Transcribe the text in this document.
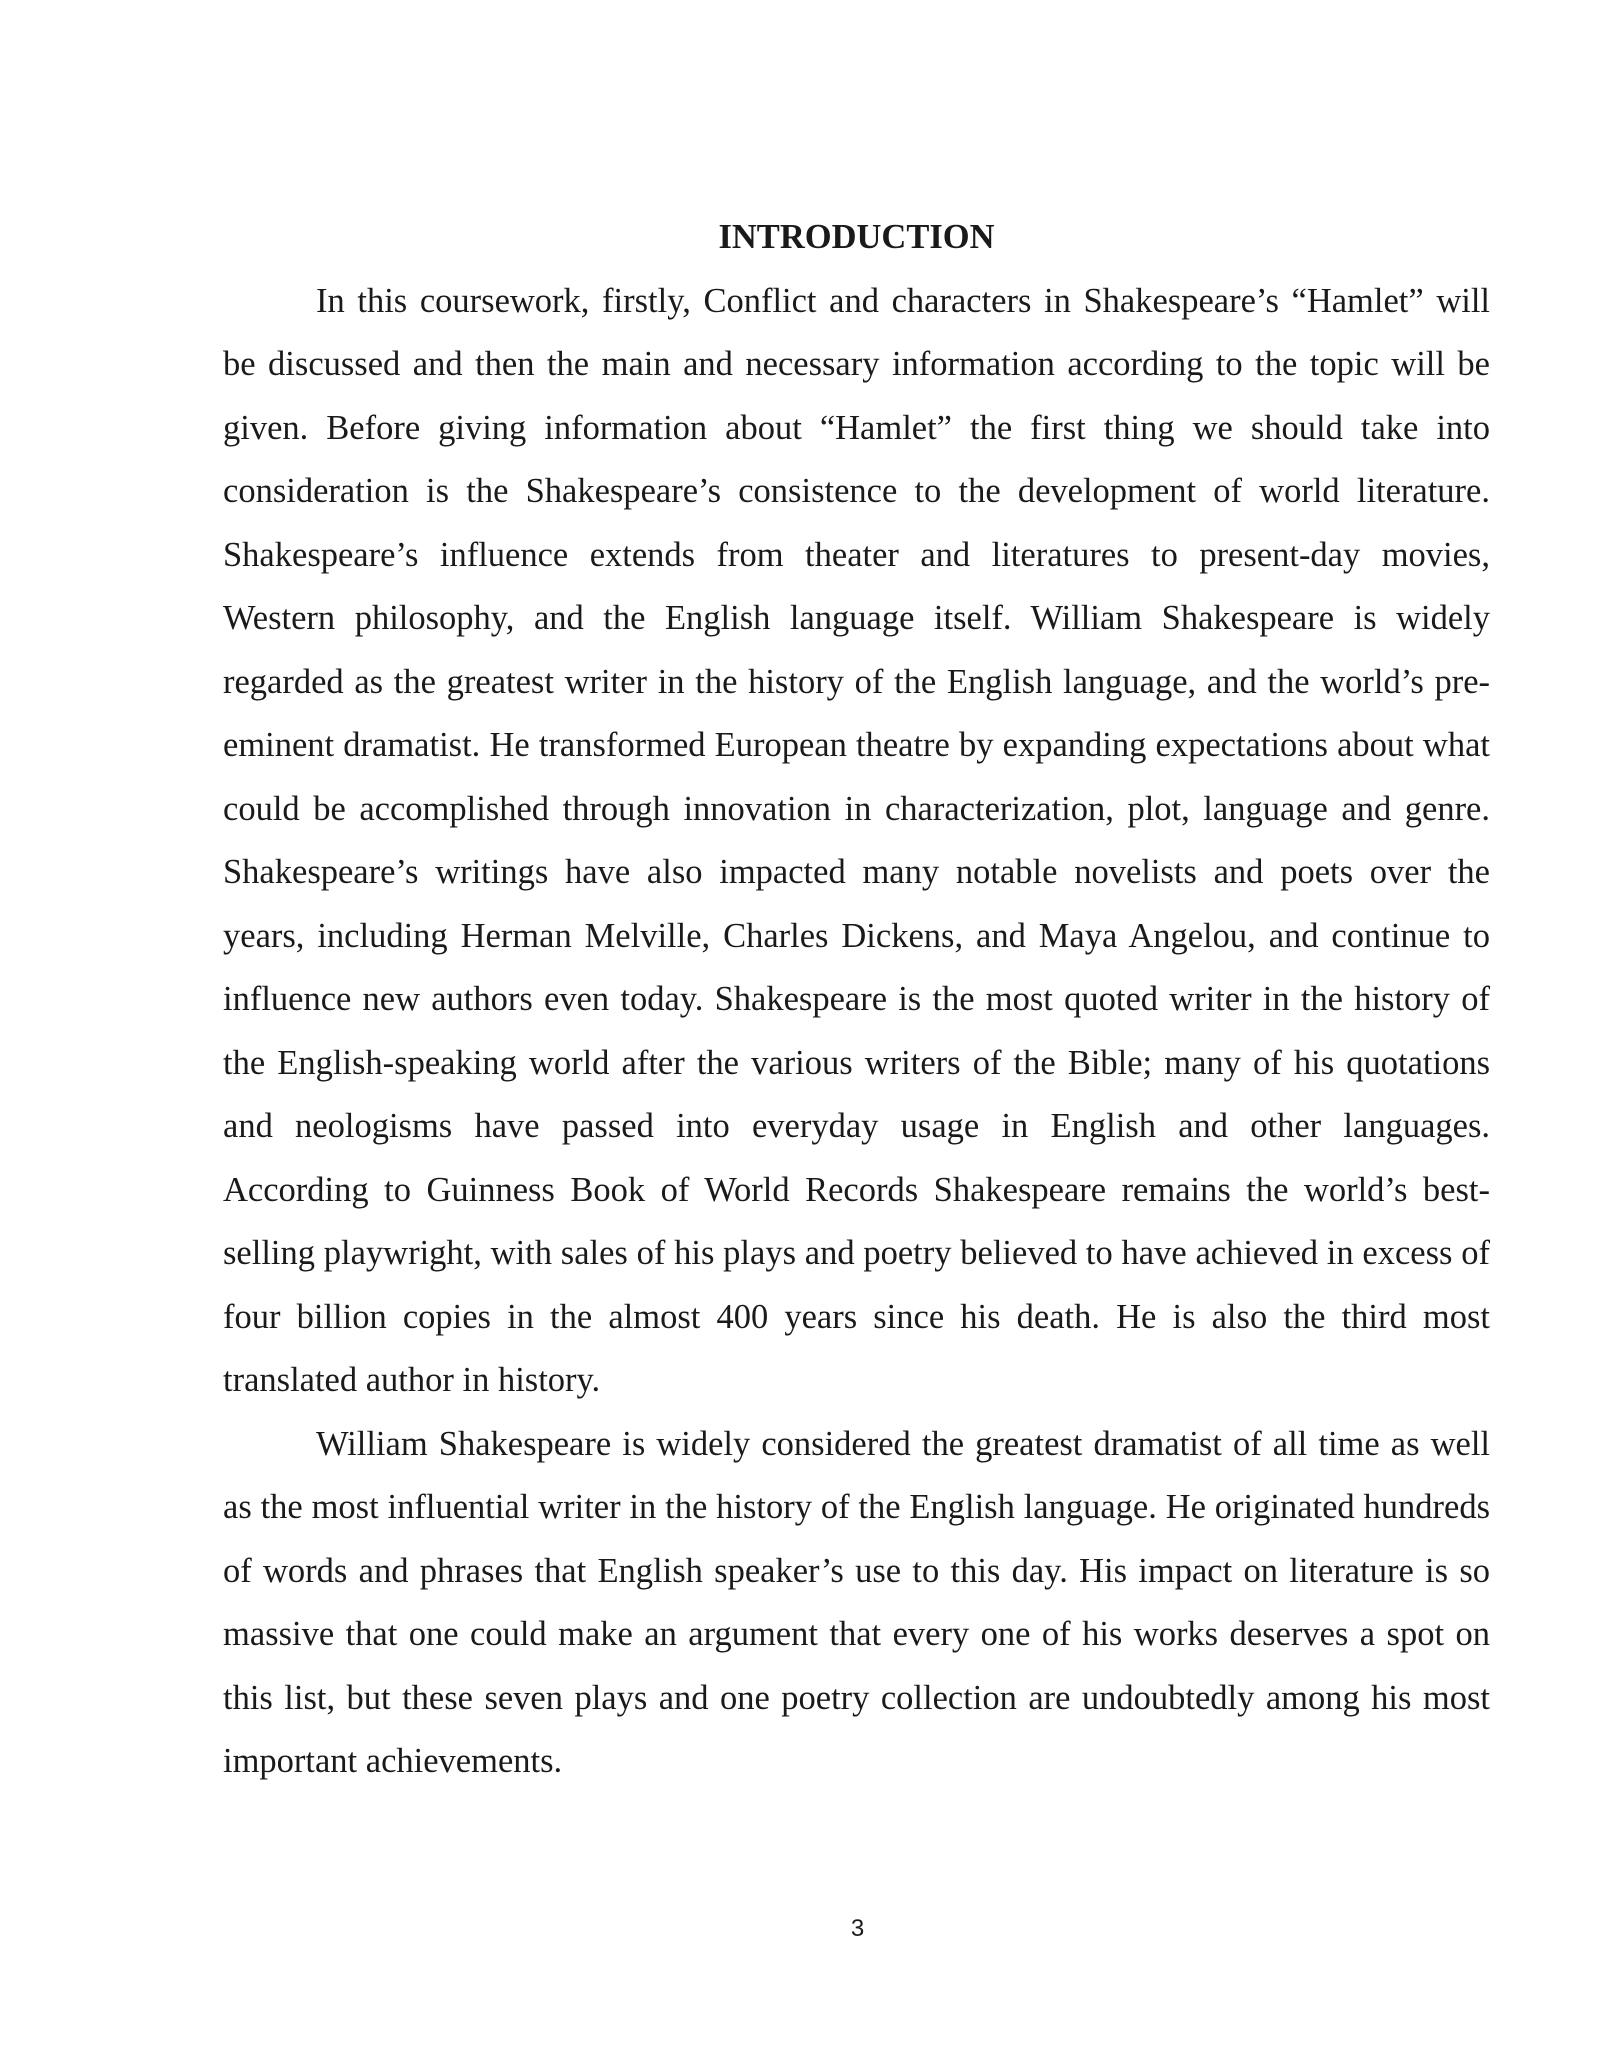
INTRODUCTION

In this coursework, firstly, Conflict and characters in Shakespeare’s “Hamlet” will be discussed and then the main and necessary information according to the topic will be given. Before giving information about “Hamlet” the first thing we should take into consideration is the Shakespeare’s consistence to the development of world literature. Shakespeare’s influence extends from theater and literatures to present-day movies, Western philosophy, and the English language itself. William Shakespeare is widely regarded as the greatest writer in the history of the English language, and the world’s pre-eminent dramatist. He transformed European theatre by expanding expectations about what could be accomplished through innovation in characterization, plot, language and genre. Shakespeare’s writings have also impacted many notable novelists and poets over the years, including Herman Melville, Charles Dickens, and Maya Angelou, and continue to influence new authors even today. Shakespeare is the most quoted writer in the history of the English-speaking world after the various writers of the Bible; many of his quotations and neologisms have passed into everyday usage in English and other languages. According to Guinness Book of World Records Shakespeare remains the world’s best-selling playwright, with sales of his plays and poetry believed to have achieved in excess of four billion copies in the almost 400 years since his death. He is also the third most translated author in history.

William Shakespeare is widely considered the greatest dramatist of all time as well as the most influential writer in the history of the English language. He originated hundreds of words and phrases that English speaker’s use to this day. His impact on literature is so massive that one could make an argument that every one of his works deserves a spot on this list, but these seven plays and one poetry collection are undoubtedly among his most important achievements.

3
